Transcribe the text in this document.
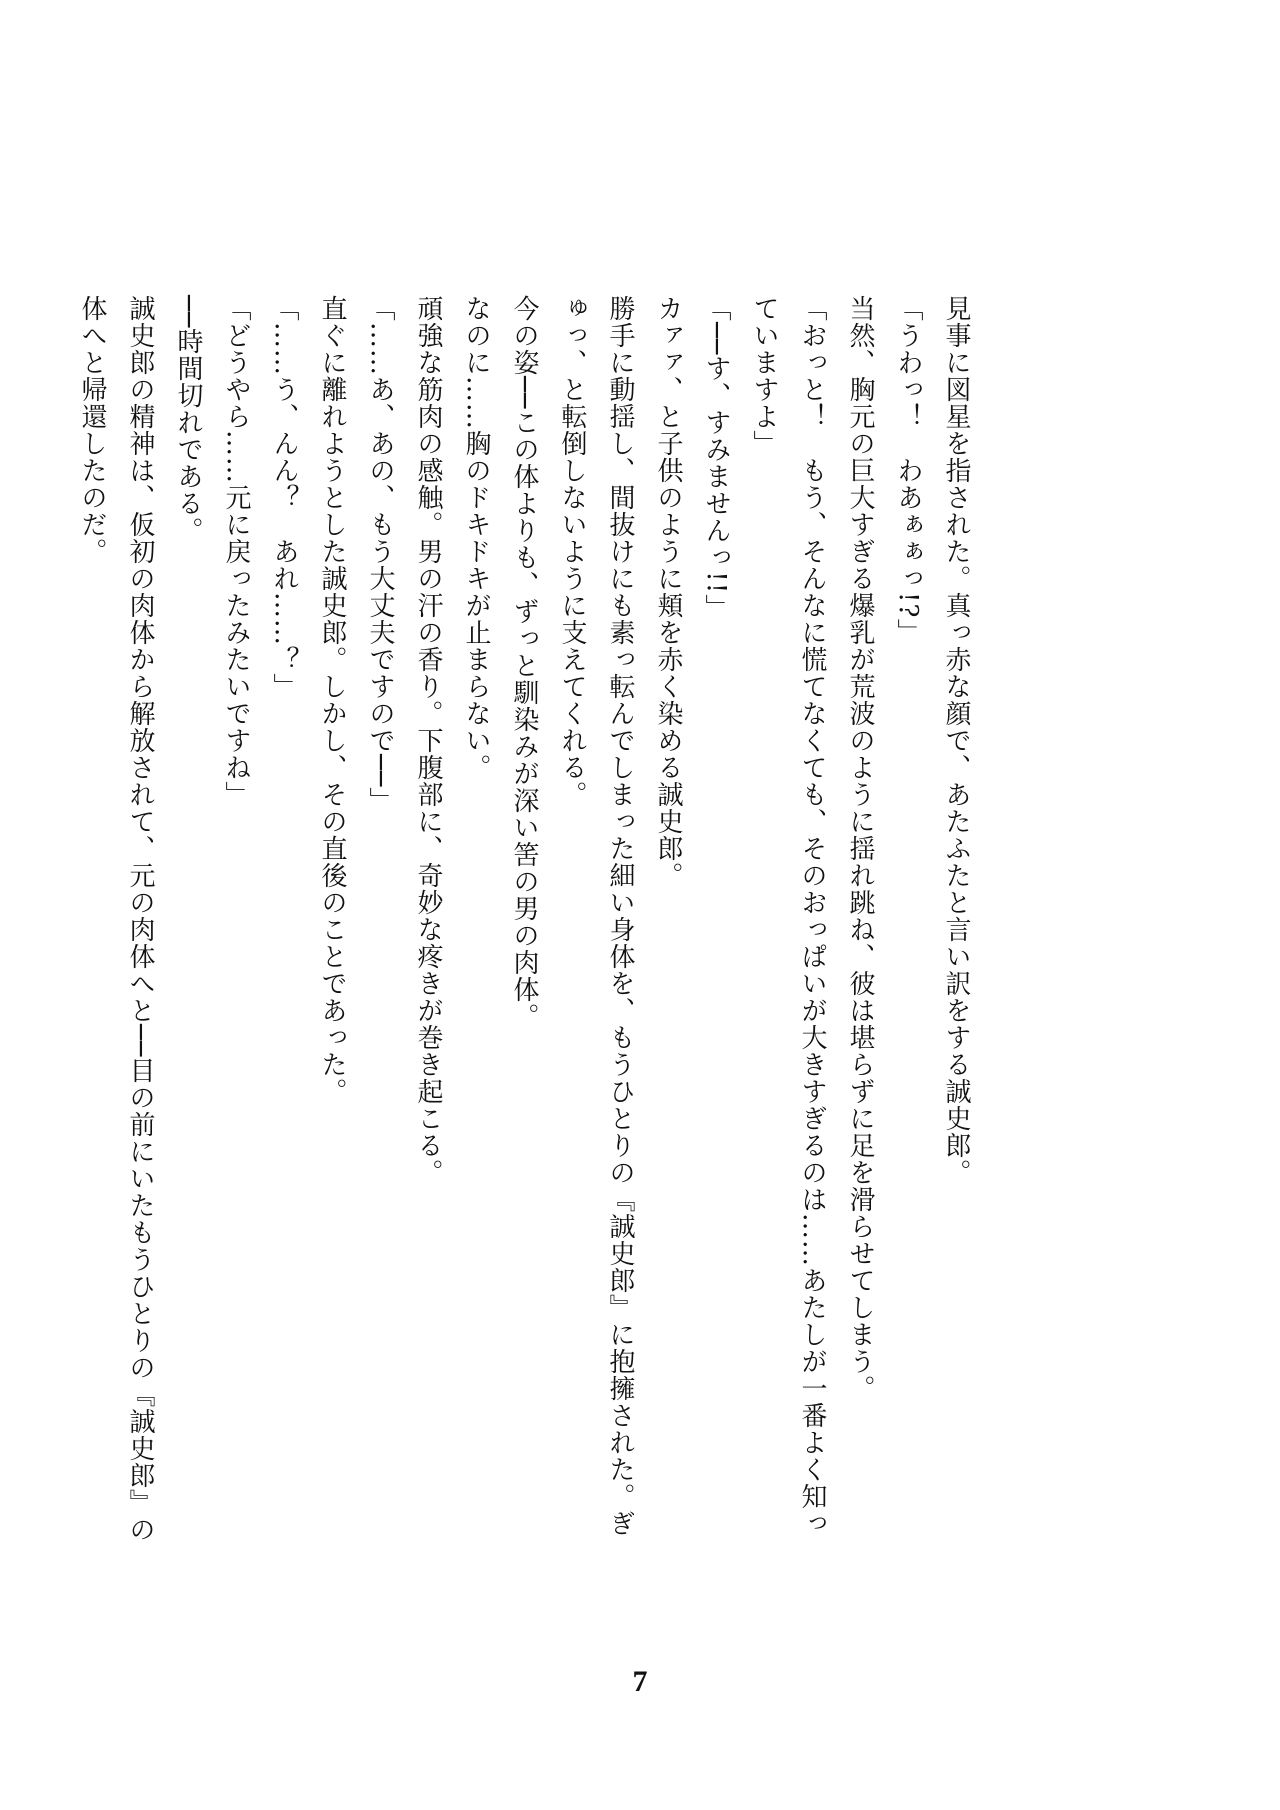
見事に図星を指された。真っ赤な顔で、あたふたと言い訳をする誠史郎。

「うわっ！　わあぁぁっ!?」

当然、胸元の巨大すぎる爆乳が荒波のように揺れ跳ね、彼は堪らずに足を滑らせてしまう。

「おっと！　もう、そんなに慌てなくても、そのおっぱいが大きすぎるのは……あたしが一番よく知っていますよ」

「──す、すみませんっ!!」

カァァ、と子供のように頬を赤く染める誠史郎。

勝手に動揺し、間抜けにも素っ転んでしまった細い身体を、もうひとりの『誠史郎』に抱擁された。ぎゅっ、と転倒しないように支えてくれる。

今の姿──この体よりも、ずっと馴染みが深い筈の男の肉体。

なのに……胸のドキドキが止まらない。

頑強な筋肉の感触。男の汗の香り。下腹部に、奇妙な疼きが巻き起こる。

「……あ、あの、もう大丈夫ですので──」

直ぐに離れようとした誠史郎。しかし、その直後のことであった。

「……う、んん？　あれ……？」

「どうやら……元に戻ったみたいですね」

──時間切れである。

誠史郎の精神は、仮初の肉体から解放されて、元の肉体へと──目の前にいたもうひとりの『誠史郎』の体へと帰還したのだ。

7
